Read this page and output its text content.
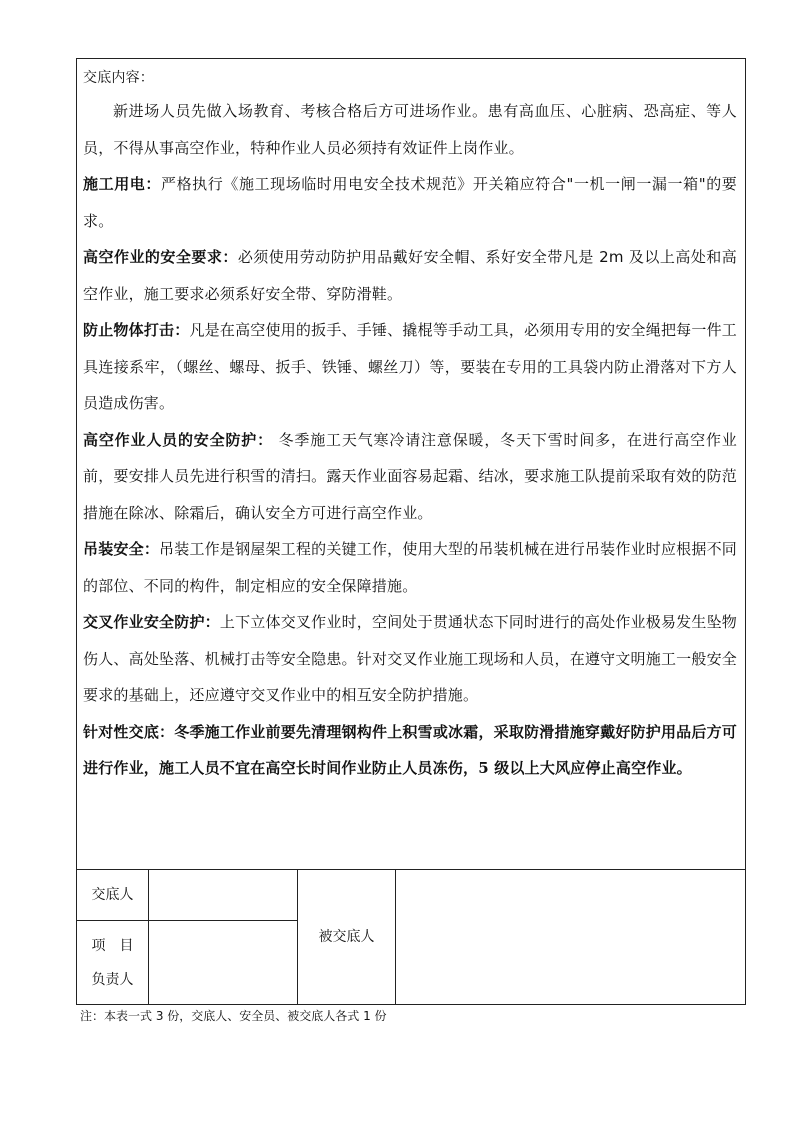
交底内容：

新进场人员先做入场教育、考核合格后方可进场作业。患有高血压、心脏病、恐高症、等人员，不得从事高空作业，特种作业人员必须持有效证件上岗作业。

施工用电：严格执行《施工现场临时用电安全技术规范》开关箱应符合"一机一闸一漏一箱"的要求。

高空作业的安全要求：必须使用劳动防护用品戴好安全帽、系好安全带凡是 2m 及以上高处和高空作业，施工要求必须系好安全带、穿防滑鞋。

防止物体打击：凡是在高空使用的扳手、手锤、撬棍等手动工具，必须用专用的安全绳把每一件工具连接系牢，（螺丝、螺母、扳手、铁锤、螺丝刀）等，要装在专用的工具袋内防止滑落对下方人员造成伤害。

高空作业人员的安全防护： 冬季施工天气寒冷请注意保暖，冬天下雪时间多，在进行高空作业前，要安排人员先进行积雪的清扫。露天作业面容易起霜、结冰，要求施工队提前采取有效的防范措施在除冰、除霜后，确认安全方可进行高空作业。

吊装安全：吊装工作是钢屋架工程的关键工作，使用大型的吊装机械在进行吊装作业时应根据不同的部位、不同的构件，制定相应的安全保障措施。

交叉作业安全防护：上下立体交叉作业时，空间处于贯通状态下同时进行的高处作业极易发生坠物伤人、高处坠落、机械打击等安全隐患。针对交叉作业施工现场和人员，在遵守文明施工一般安全要求的基础上，还应遵守交叉作业中的相互安全防护措施。

针对性交底：冬季施工作业前要先清理钢构件上积雪或冰霜，采取防滑措施穿戴好防护用品后方可进行作业，施工人员不宜在高空长时间作业防止人员冻伤，5 级以上大风应停止高空作业。

交底人
项　目
负责人
被交底人
注：本表一式 3 份，交底人、安全员、被交底人各式 1 份
